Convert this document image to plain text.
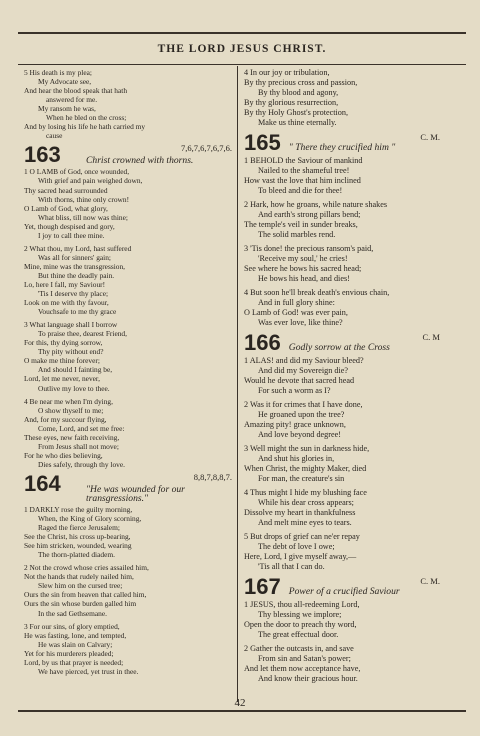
THE LORD JESUS CHRIST.
5 His death is my plea;
My Advocate see,
And hear the blood speak that hath
answered for me.
My ransom he was,
When he bled on the cross;
And by losing his life he hath carried my
cause
163	7,6,7,6,7,6,7,6.
Christ crowned with thorns.
1 O LAMB of God, once wounded,
With grief and pain weighed down,
Thy sacred head surrounded
With thorns, thine only crown!
O Lamb of God, what glory,
What bliss, till now was thine;
Yet, though despised and gory,
I joy to call thee mine.
2 What thou, my Lord, hast suffered
Was all for sinners' gain;
Mine, mine was the transgression,
But thine the deadly pain.
Lo, here I fall, my Saviour!
'Tis I deserve thy place;
Look on me with thy favour,
Vouchsafe to me thy grace
3 What language shall I borrow
To praise thee, dearest Friend,
For this, thy dying sorrow,
Thy pity without end?
O make me thine forever;
And should I fainting be,
Lord, let me never, never,
Outlive my love to thee.
4 Be near me when I'm dying,
O show thyself to me;
And, for my succour flying,
Come, Lord, and set me free:
These eyes, new faith receiving,
From Jesus shall not move;
For he who dies believing,
Dies safely, through thy love.
164	8,8,7,8,8,7.
"He was wounded for our transgressions."
1 DARKLY rose the guilty morning,
When, the King of Glory scorning,
Raged the fierce Jerusalem;
See the Christ, his cross up-bearing,
See him stricken, wounded, wearing
The thorn-platted diadem.
2 Not the crowd whose cries assailed him,
Not the hands that rudely nailed him,
Slew him on the cursed tree;
Ours the sin from heaven that called him,
Ours the sin whose burden galled him
In the sad Gethsemane.
3 For our sins, of glory emptied,
He was fasting, lone, and tempted,
He was slain on Calvary;
Yet for his murderers pleaded;
Lord, by us that prayer is needed;
We have pierced, yet trust in thee.
4 In our joy or tribulation,
By thy precious cross and passion,
By thy blood and agony,
By thy glorious resurrection,
By thy Holy Ghost's protection,
Make us thine eternally.
165	C. M.
" There they crucified him "
1 BEHOLD the Saviour of mankind
Nailed to the shameful tree!
How vast the love that him inclined
To bleed and die for thee!
2 Hark, how he groans, while nature shakes
And earth's strong pillars bend;
The temple's veil in sunder breaks,
The solid marbles rend.
3 'Tis done! the precious ransom's paid,
'Receive my soul,' he cries!
See where he bows his sacred head;
He bows his head, and dies!
4 But soon he'll break death's envious chain,
And in full glory shine:
O Lamb of God! was ever pain,
Was ever love, like thine?
166	C. M
Godly sorrow at the Cross
1 ALAS! and did my Saviour bleed?
And did my Sovereign die?
Would he devote that sacred head
For such a worm as I?
2 Was it for crimes that I have done,
He groaned upon the tree?
Amazing pity! grace unknown,
And love beyond degree!
3 Well might the sun in darkness hide,
And shut his glories in,
When Christ, the mighty Maker, died
For man, the creature's sin
4 Thus might I hide my blushing face
While his dear cross appears;
Dissolve my heart in thankfulness
And melt mine eyes to tears.
5 But drops of grief can ne'er repay
The debt of love I owe;
Here, Lord, I give myself away,—
'Tis all that I can do.
167	C. M.
Power of a crucified Saviour
1 JESUS, thou all-redeeming Lord,
Thy blessing we implore;
Open the door to preach thy word,
The great effectual door.
2 Gather the outcasts in, and save
From sin and Satan's power;
And let them now acceptance have,
And know their gracious hour.
42
